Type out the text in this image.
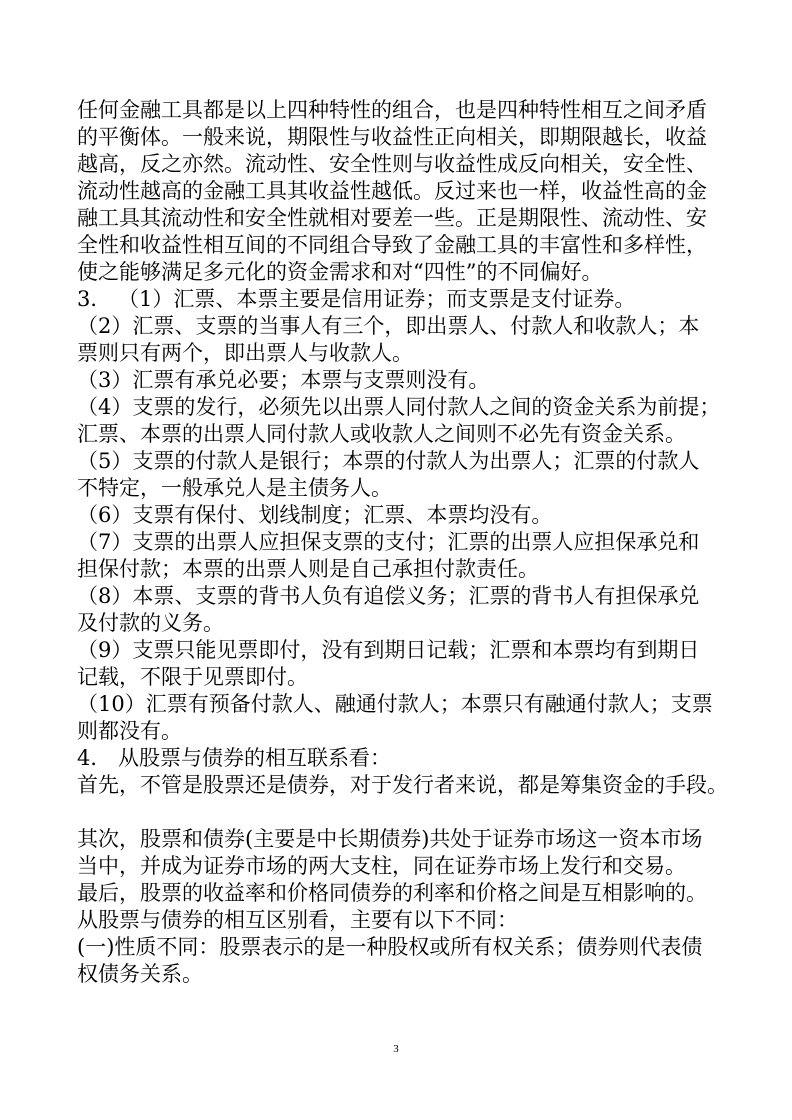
任何金融工具都是以上四种特性的组合，也是四种特性相互之间矛盾
的平衡体。一般来说，期限性与收益性正向相关，即期限越长，收益
越高，反之亦然。流动性、安全性则与收益性成反向相关，安全性、
流动性越高的金融工具其收益性越低。反过来也一样，收益性高的金
融工具其流动性和安全性就相对要差一些。正是期限性、流动性、安
全性和收益性相互间的不同组合导致了金融工具的丰富性和多样性，
使之能够满足多元化的资金需求和对“四性”的不同偏好。
3． （1）汇票、本票主要是信用证券；而支票是支付证券。
（2）汇票、支票的当事人有三个，即出票人、付款人和收款人；本
票则只有两个，即出票人与收款人。
（3）汇票有承兑必要；本票与支票则没有。
（4）支票的发行，必须先以出票人同付款人之间的资金关系为前提；
汇票、本票的出票人同付款人或收款人之间则不必先有资金关系。
（5）支票的付款人是银行；本票的付款人为出票人；汇票的付款人
不特定，一般承兑人是主债务人。
（6）支票有保付、划线制度；汇票、本票均没有。
（7）支票的出票人应担保支票的支付；汇票的出票人应担保承兑和
担保付款；本票的出票人则是自己承担付款责任。
（8）本票、支票的背书人负有追偿义务；汇票的背书人有担保承兑
及付款的义务。
（9）支票只能见票即付，没有到期日记载；汇票和本票均有到期日
记载，不限于见票即付。
（10）汇票有预备付款人、融通付款人；本票只有融通付款人；支票
则都没有。
4． 从股票与债券的相互联系看：
首先，不管是股票还是债券，对于发行者来说，都是筹集资金的手段。
其次，股票和债券(主要是中长期债券)共处于证券市场这一资本市场
当中，并成为证券市场的两大支柱，同在证券市场上发行和交易。
最后，股票的收益率和价格同债券的利率和价格之间是互相影响的。
从股票与债券的相互区别看，主要有以下不同：
(一)性质不同：股票表示的是一种股权或所有权关系；债券则代表债
权债务关系。
3
